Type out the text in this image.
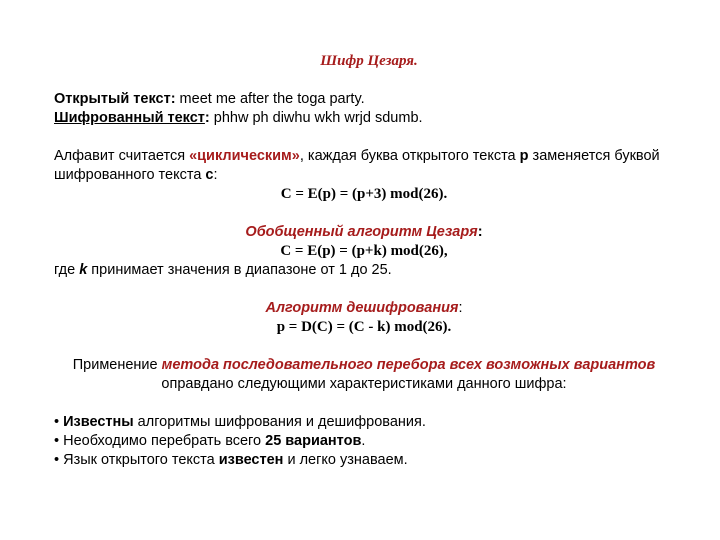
Шифр Цезаря.
Открытый текст: meet me after the toga party.
Шифрованный текст: phhw ph diwhu wkh wrjd sdumb.
Алфавит считается «циклическим», каждая буква открытого текста p заменяется буквой
шифрованного текста c:
C = E(p) = (p+3) mod(26).
Обобщенный алгоритм Цезаря:
C = E(p) = (p+k) mod(26),
где k принимает значения в диапазоне от 1 до 25.
Алгоритм дешифрования:
p = D(C) = (C - k) mod(26).
Применение метода последовательного перебора всех возможных вариантов
оправдано следующими характеристиками данного шифра:
• Известны алгоритмы шифрования и дешифрования.
• Необходимо перебрать всего 25 вариантов.
• Язык открытого текста известен и легко узнаваем.
